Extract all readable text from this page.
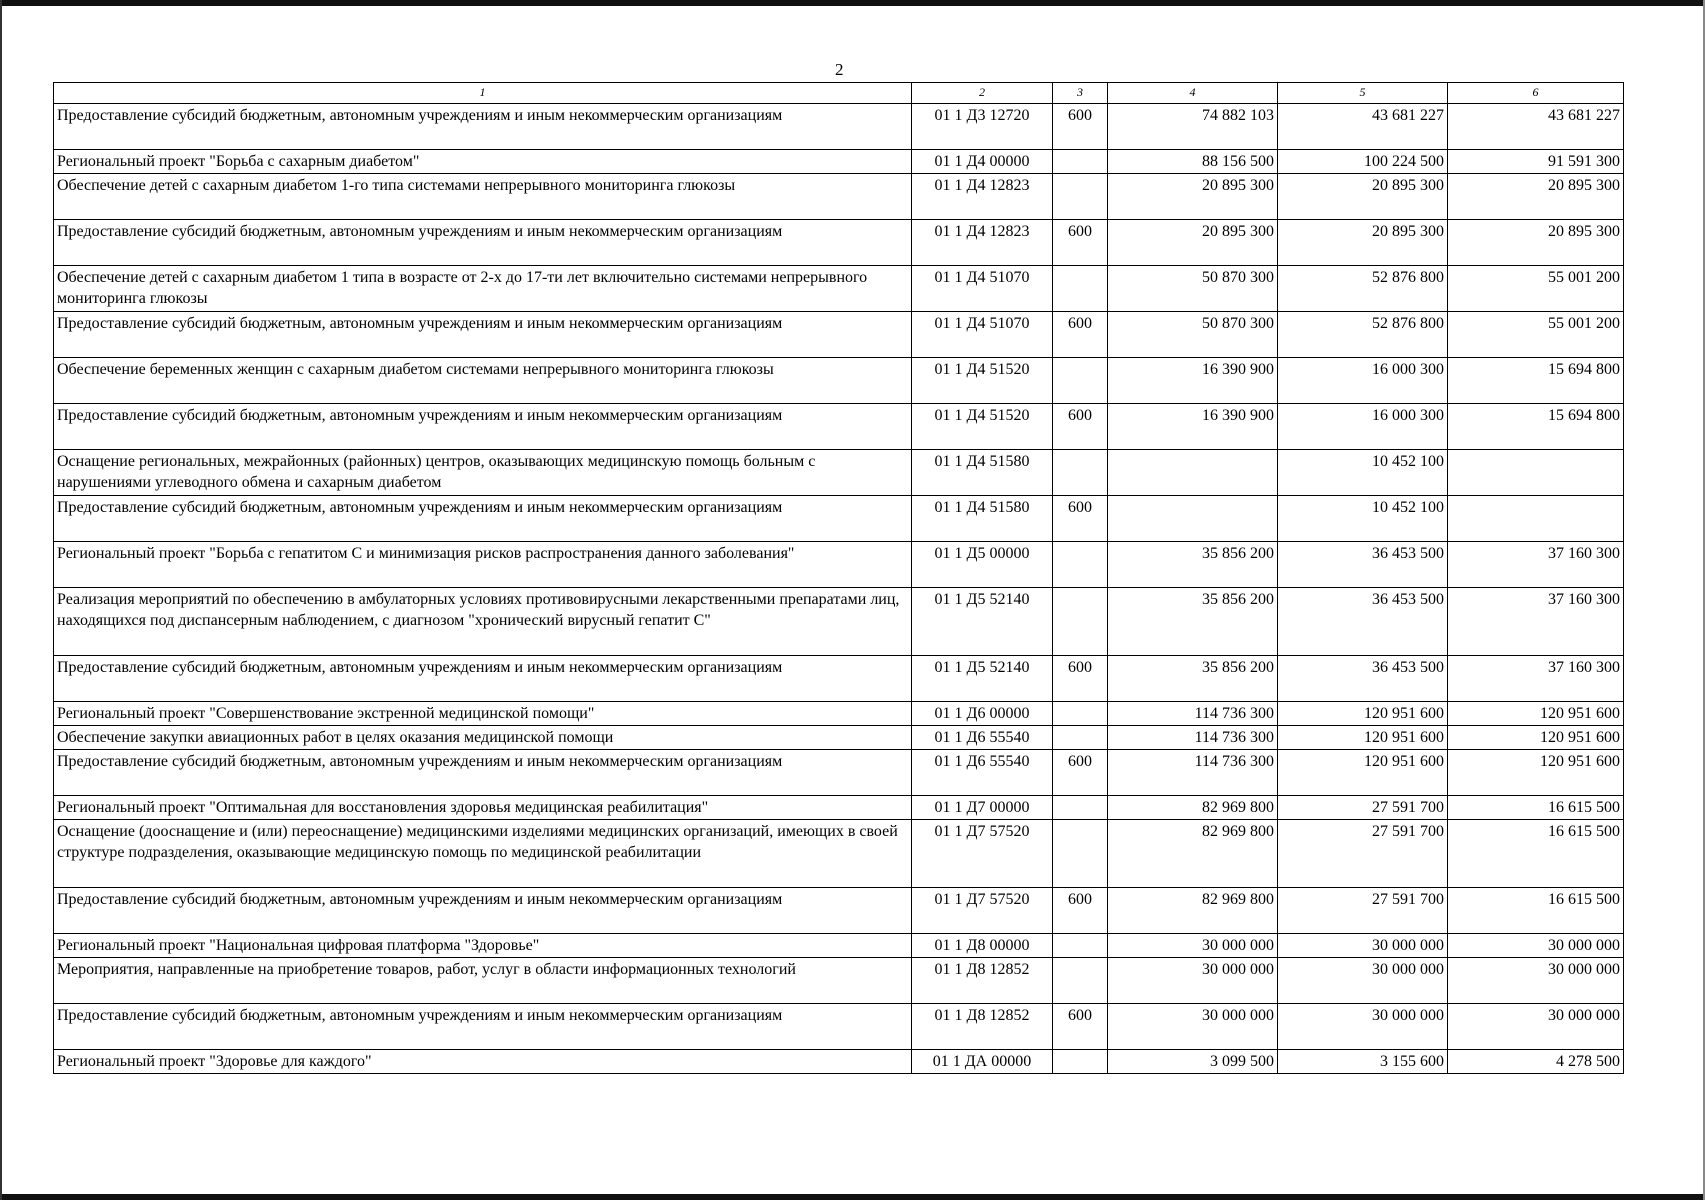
2
1	2	3	4	5	6
Предоставление субсидий бюджетным, автономным учреждениям и иным некоммерческим организациям	01 1 Д3 12720	600	74 882 103	43 681 227	43 681 227
Региональный проект "Борьба с сахарным диабетом"	01 1 Д4 00000		88 156 500	100 224 500	91 591 300
Обеспечение детей с сахарным диабетом 1-го типа системами непрерывного мониторинга глюкозы	01 1 Д4 12823		20 895 300	20 895 300	20 895 300
Предоставление субсидий бюджетным, автономным учреждениям и иным некоммерческим организациям	01 1 Д4 12823	600	20 895 300	20 895 300	20 895 300
Обеспечение детей с сахарным диабетом 1 типа в возрасте от 2-х до 17-ти лет включительно системами непрерывного мониторинга глюкозы	01 1 Д4 51070		50 870 300	52 876 800	55 001 200
Предоставление субсидий бюджетным, автономным учреждениям и иным некоммерческим организациям	01 1 Д4 51070	600	50 870 300	52 876 800	55 001 200
Обеспечение беременных женщин с сахарным диабетом системами непрерывного мониторинга глюкозы	01 1 Д4 51520		16 390 900	16 000 300	15 694 800
Предоставление субсидий бюджетным, автономным учреждениям и иным некоммерческим организациям	01 1 Д4 51520	600	16 390 900	16 000 300	15 694 800
Оснащение региональных, межрайонных (районных) центров, оказывающих медицинскую помощь больным с нарушениями углеводного обмена и сахарным диабетом	01 1 Д4 51580			10 452 100	
Предоставление субсидий бюджетным, автономным учреждениям и иным некоммерческим организациям	01 1 Д4 51580	600		10 452 100	
Региональный проект "Борьба с гепатитом С и минимизация рисков распространения данного заболевания"	01 1 Д5 00000		35 856 200	36 453 500	37 160 300
Реализация мероприятий по обеспечению в амбулаторных условиях противовирусными лекарственными препаратами лиц, находящихся под диспансерным наблюдением, с диагнозом "хронический вирусный гепатит С"	01 1 Д5 52140		35 856 200	36 453 500	37 160 300
Предоставление субсидий бюджетным, автономным учреждениям и иным некоммерческим организациям	01 1 Д5 52140	600	35 856 200	36 453 500	37 160 300
Региональный проект "Совершенствование экстренной медицинской помощи"	01 1 Д6 00000		114 736 300	120 951 600	120 951 600
Обеспечение закупки авиационных работ в целях оказания медицинской помощи	01 1 Д6 55540		114 736 300	120 951 600	120 951 600
Предоставление субсидий бюджетным, автономным учреждениям и иным некоммерческим организациям	01 1 Д6 55540	600	114 736 300	120 951 600	120 951 600
Региональный проект "Оптимальная для восстановления здоровья медицинская реабилитация"	01 1 Д7 00000		82 969 800	27 591 700	16 615 500
Оснащение (дооснащение и (или) переоснащение) медицинскими изделиями медицинских организаций, имеющих в своей структуре подразделения, оказывающие медицинскую помощь по медицинской реабилитации	01 1 Д7 57520		82 969 800	27 591 700	16 615 500
Предоставление субсидий бюджетным, автономным учреждениям и иным некоммерческим организациям	01 1 Д7 57520	600	82 969 800	27 591 700	16 615 500
Региональный проект "Национальная цифровая платформа "Здоровье"	01 1 Д8 00000		30 000 000	30 000 000	30 000 000
Мероприятия, направленные на приобретение товаров, работ, услуг в области информационных технологий	01 1 Д8 12852		30 000 000	30 000 000	30 000 000
Предоставление субсидий бюджетным, автономным учреждениям и иным некоммерческим организациям	01 1 Д8 12852	600	30 000 000	30 000 000	30 000 000
Региональный проект "Здоровье для каждого"	01 1 ДА 00000		3 099 500	3 155 600	4 278 500
